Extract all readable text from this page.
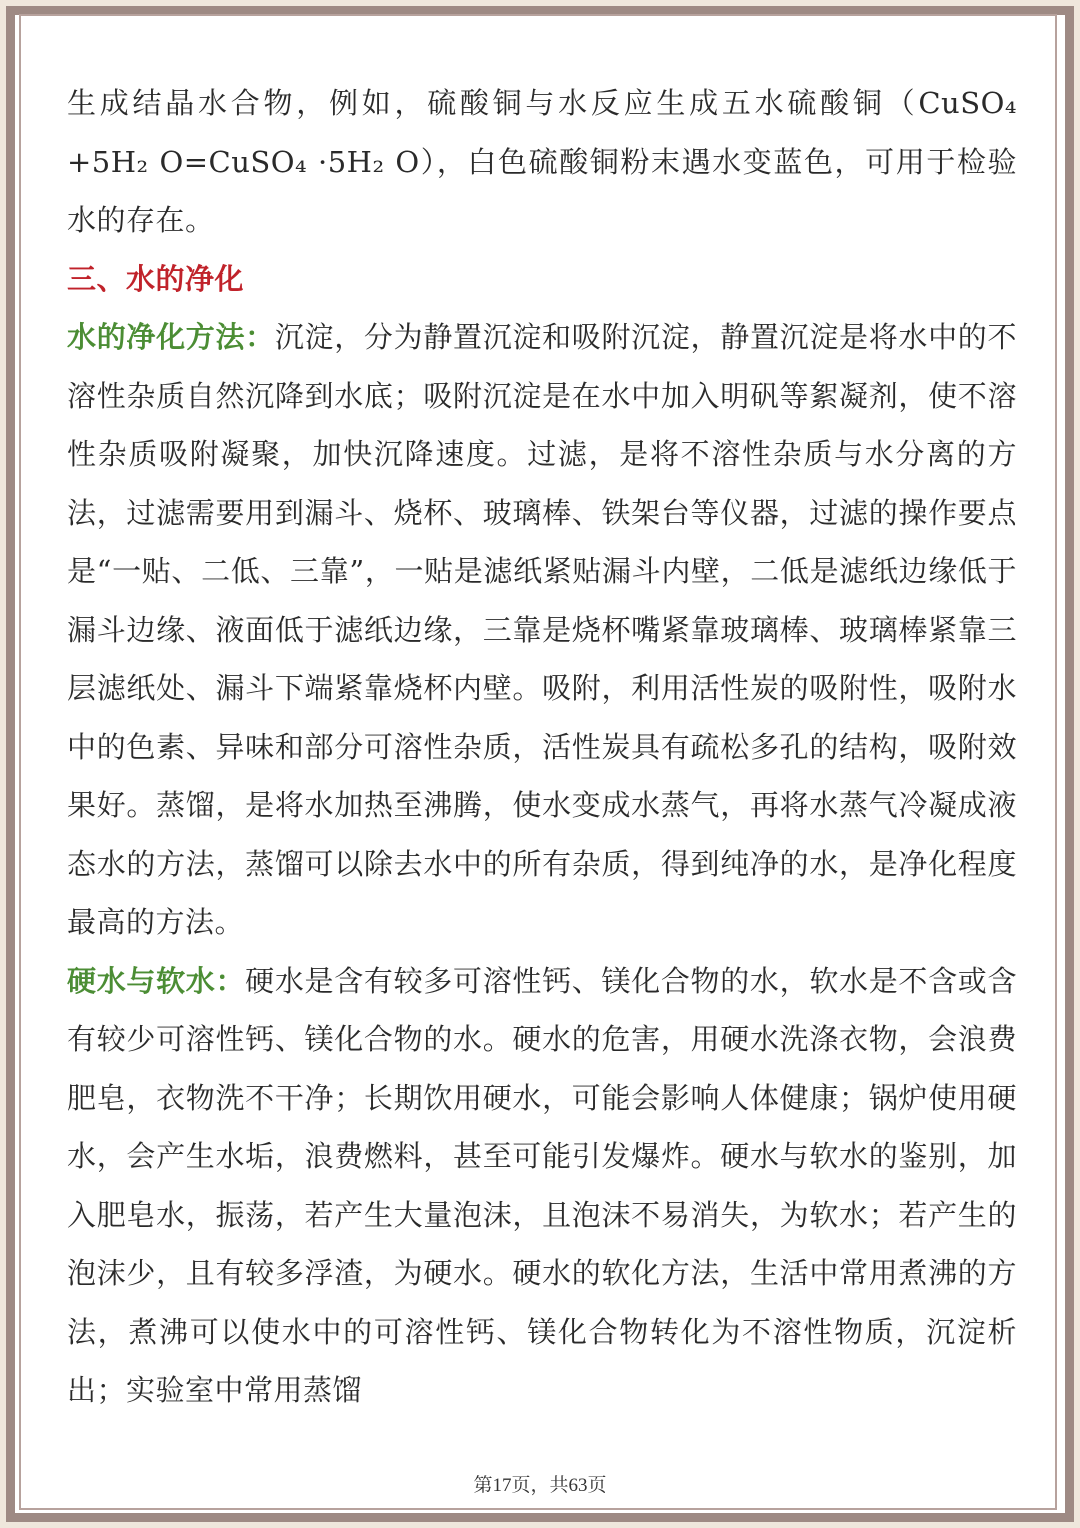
生成结晶水合物，例如，硫酸铜与水反应生成五水硫酸铜（CuSO₄ +5H₂ O=CuSO₄ ·5H₂ O），白色硫酸铜粉末遇水变蓝色，可用于检验水的存在。

三、水的净化

水的净化方法：沉淀，分为静置沉淀和吸附沉淀，静置沉淀是将水中的不溶性杂质自然沉降到水底；吸附沉淀是在水中加入明矾等絮凝剂，使不溶性杂质吸附凝聚，加快沉降速度。过滤，是将不溶性杂质与水分离的方法，过滤需要用到漏斗、烧杯、玻璃棒、铁架台等仪器，过滤的操作要点是“一贴、二低、三靠”，一贴是滤纸紧贴漏斗内壁，二低是滤纸边缘低于漏斗边缘、液面低于滤纸边缘，三靠是烧杯嘴紧靠玻璃棒、玻璃棒紧靠三层滤纸处、漏斗下端紧靠烧杯内壁。吸附，利用活性炭的吸附性，吸附水中的色素、异味和部分可溶性杂质，活性炭具有疏松多孔的结构，吸附效果好。蒸馏，是将水加热至沸腾，使水变成水蒸气，再将水蒸气冷凝成液态水的方法，蒸馏可以除去水中的所有杂质，得到纯净的水，是净化程度最高的方法。

硬水与软水：硬水是含有较多可溶性钙、镁化合物的水，软水是不含或含有较少可溶性钙、镁化合物的水。硬水的危害，用硬水洗涤衣物，会浪费肥皂，衣物洗不干净；长期饮用硬水，可能会影响人体健康；锅炉使用硬水，会产生水垢，浪费燃料，甚至可能引发爆炸。硬水与软水的鉴别，加入肥皂水，振荡，若产生大量泡沫，且泡沫不易消失，为软水；若产生的泡沫少，且有较多浮渣，为硬水。硬水的软化方法，生活中常用煮沸的方法，煮沸可以使水中的可溶性钙、镁化合物转化为不溶性物质，沉淀析出；实验室中常用蒸馏

第17页，共63页
